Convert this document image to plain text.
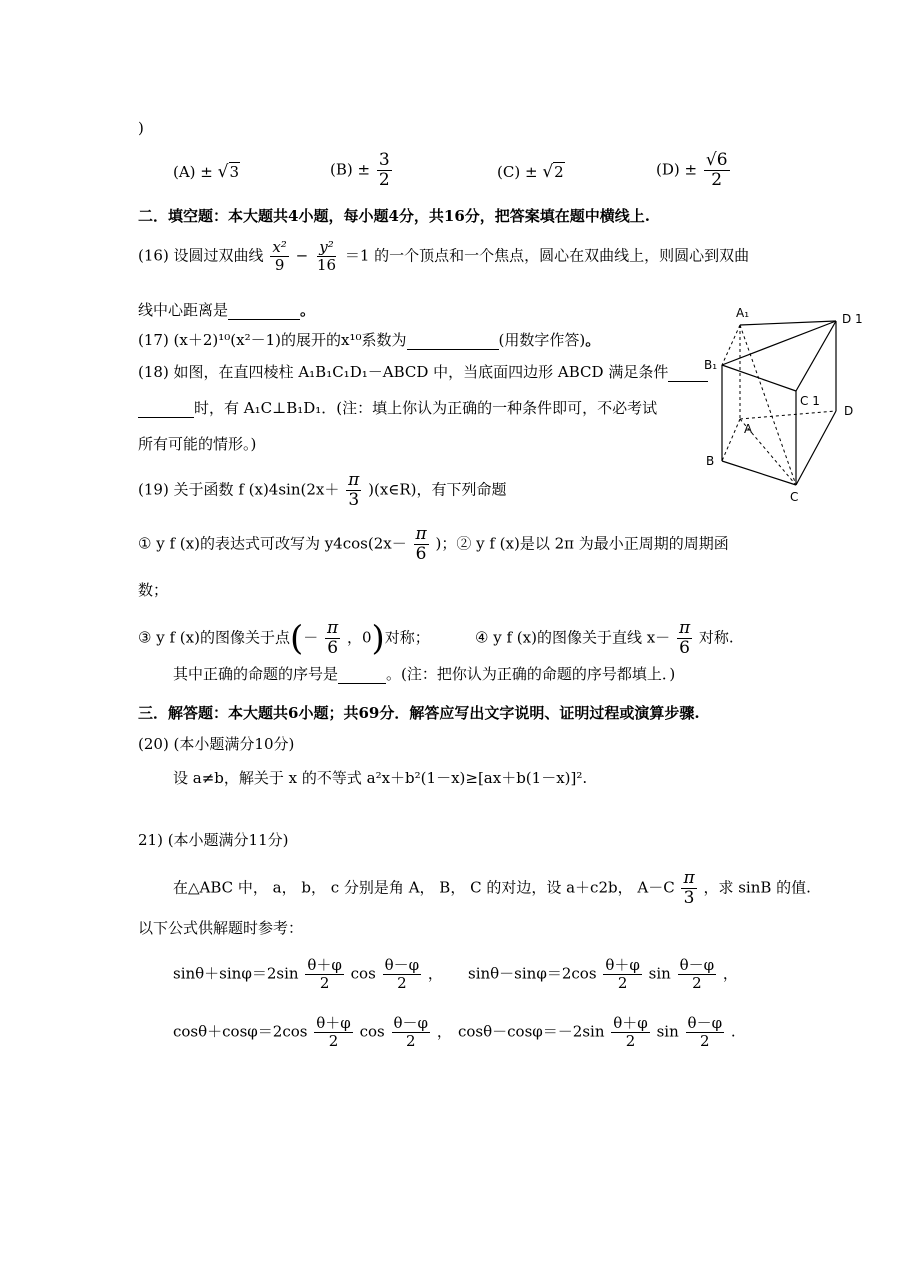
)
(A) ± √3	$(B) \pm \frac{3}{2}$	(C) ± √2	$(D) \pm \frac{√6}{2}$
二．填空题：本大题共4小题，每小题4分，共16分，把答案填在题中横线上.
(16) 设圆过双曲线 $\frac{\text{x²}}{9} - \frac{\text{y²}}{16} =1$ 的一个顶点和一个焦点，圆心在双曲线上，则圆心到双曲
线中心距离是	。
(17) (x＋2)¹⁰(x²－1)的展开的x¹⁰系数为	(用数字作答)。
(18) 如图，在直四棱柱 A₁B₁C₁D₁－ABCD 中，当底面四边形 ABCD 满足条件
时，有 A₁C⊥B₁D₁．(注：填上你认为正确的一种条件即可，不必考试
所有可能的情形。)
A₁	D 1
B₁
C 1
D
A
B
C
(19) 关于函数 f $(x)4\sin(2x+ \frac{\pi}{3}$ )(x∈R)，有下列命题
① y f (x)的表达式可改写为 $y4\cos(2x- \frac{\pi}{6}$ )；② y f (x)是以 2π 为最小正周期的周期函
数；
③ y f (x)的图像关于点(－ $\frac{\pi}{6}$ ，0)对称；	④ y f (x)的图像关于直线 $x- \frac{\pi}{6}$ 对称.
其中正确的命题的序号是	。(注：把你认为正确的命题的序号都填上．)
三．解答题：本大题共6小题；共69分．解答应写出文字说明、证明过程或演算步骤.
(20) (本小题满分10分)
设 a≠b，解关于 x 的不等式 a²x＋b²(1－x)≥[ax＋b(1－x)]².
21) (本小题满分11分)
在△ABC 中， a， b， c 分别是角 A， B， C 的对边，设 a＋c2b， $A-C \frac{\pi}{3}$ ，求 sinB 的值.
以下公式供解题时参考：
$\sin\theta+\sin\varphi=2\sin \frac{\theta+\varphi}{2}$ $\cos \frac{\theta-\varphi}{2}$ ， $\sin\theta-\sin\varphi=2\cos \frac{\theta+\varphi}{2}$ $\sin \frac{\theta-\varphi}{2}$ ，
$\cos\theta+\cos\varphi=2\cos \frac{\theta+\varphi}{2}$ $\cos \frac{\theta-\varphi}{2}$ ， $\cos\theta-\cos\varphi=-2\sin \frac{\theta+\varphi}{2}$ $\sin \frac{\theta-\varphi}{2}$ .
